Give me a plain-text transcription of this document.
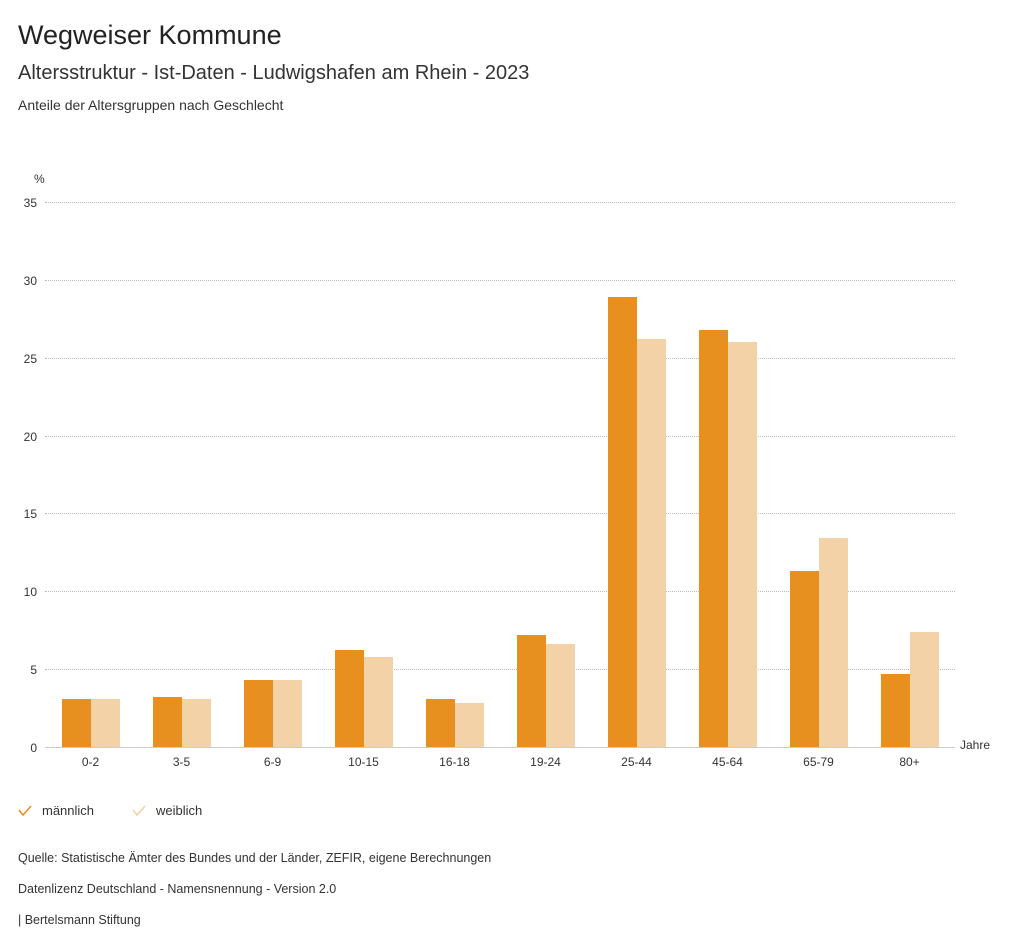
Wegweiser Kommune
Altersstruktur - Ist-Daten - Ludwigshafen am Rhein - 2023
Anteile der Altersgruppen nach Geschlecht
%
0
5
10
15
20
25
30
35
0-2	3-5	6-9	10-15	16-18	19-24	25-44	45-64	65-79	80+
Jahre
männlich	weiblich
Quelle: Statistische Ämter des Bundes und der Länder, ZEFIR, eigene Berechnungen
Datenlizenz Deutschland - Namensnennung - Version 2.0
| Bertelsmann Stiftung
